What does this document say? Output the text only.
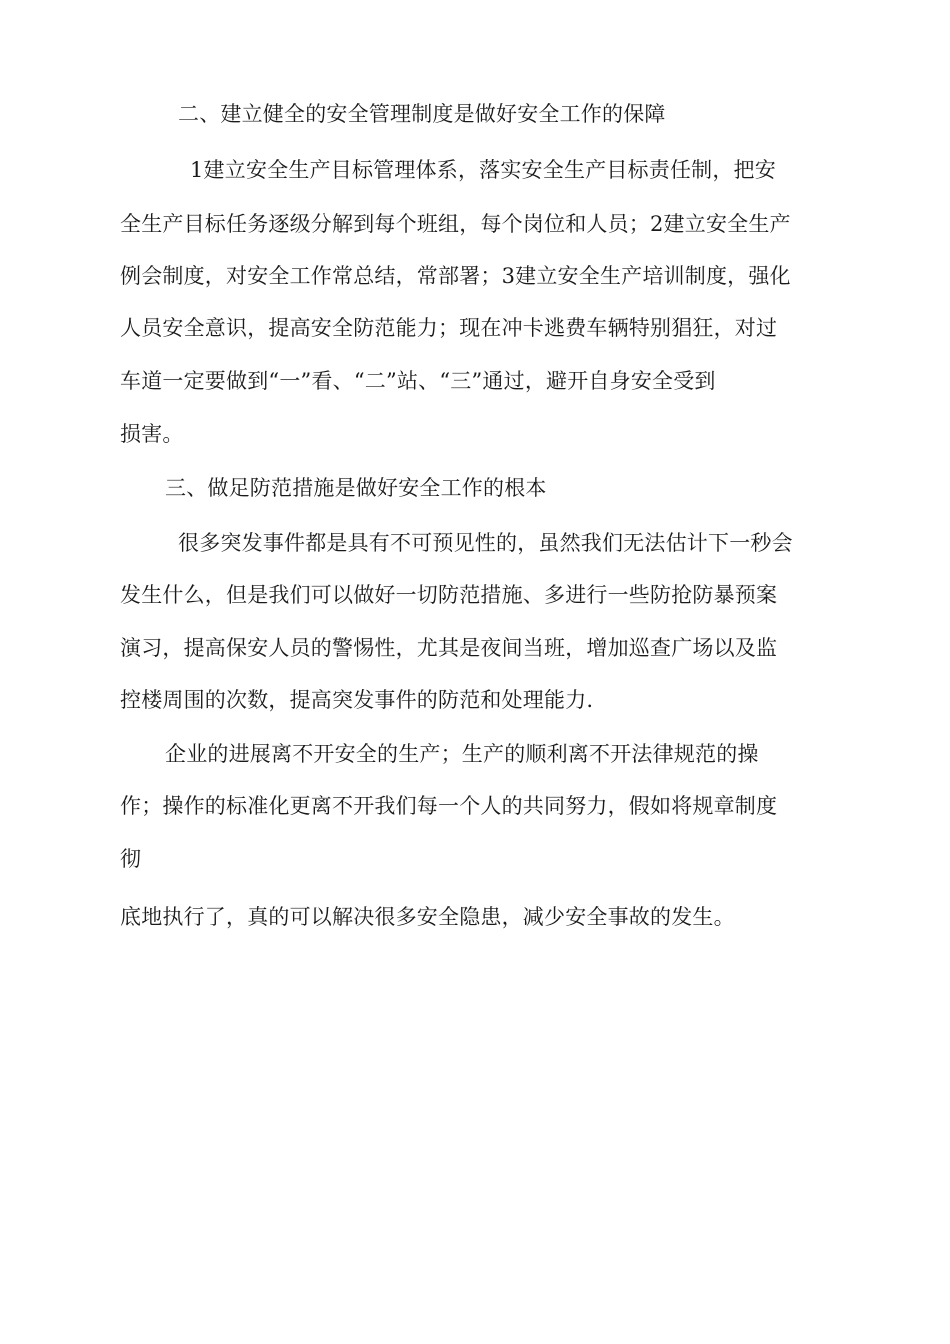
二、建立健全的安全管理制度是做好安全工作的保障
1建立安全生产目标管理体系，落实安全生产目标责任制，把安
全生产目标任务逐级分解到每个班组，每个岗位和人员；2建立安全生产
例会制度，对安全工作常总结，常部署；3建立安全生产培训制度，强化
人员安全意识，提高安全防范能力；现在冲卡逃费车辆特别猖狂，对过
车道一定要做到“一”看、“二”站、“三”通过，避开自身安全受到
损害。
三、做足防范措施是做好安全工作的根本
很多突发事件都是具有不可预见性的，虽然我们无法估计下一秒会
发生什么，但是我们可以做好一切防范措施、多进行一些防抢防暴预案
演习，提高保安人员的警惕性，尤其是夜间当班，增加巡查广场以及监
控楼周围的次数，提高突发事件的防范和处理能力.
企业的进展离不开安全的生产；生产的顺利离不开法律规范的操
作；操作的标准化更离不开我们每一个人的共同努力，假如将规章制度
彻
底地执行了，真的可以解决很多安全隐患，减少安全事故的发生。
